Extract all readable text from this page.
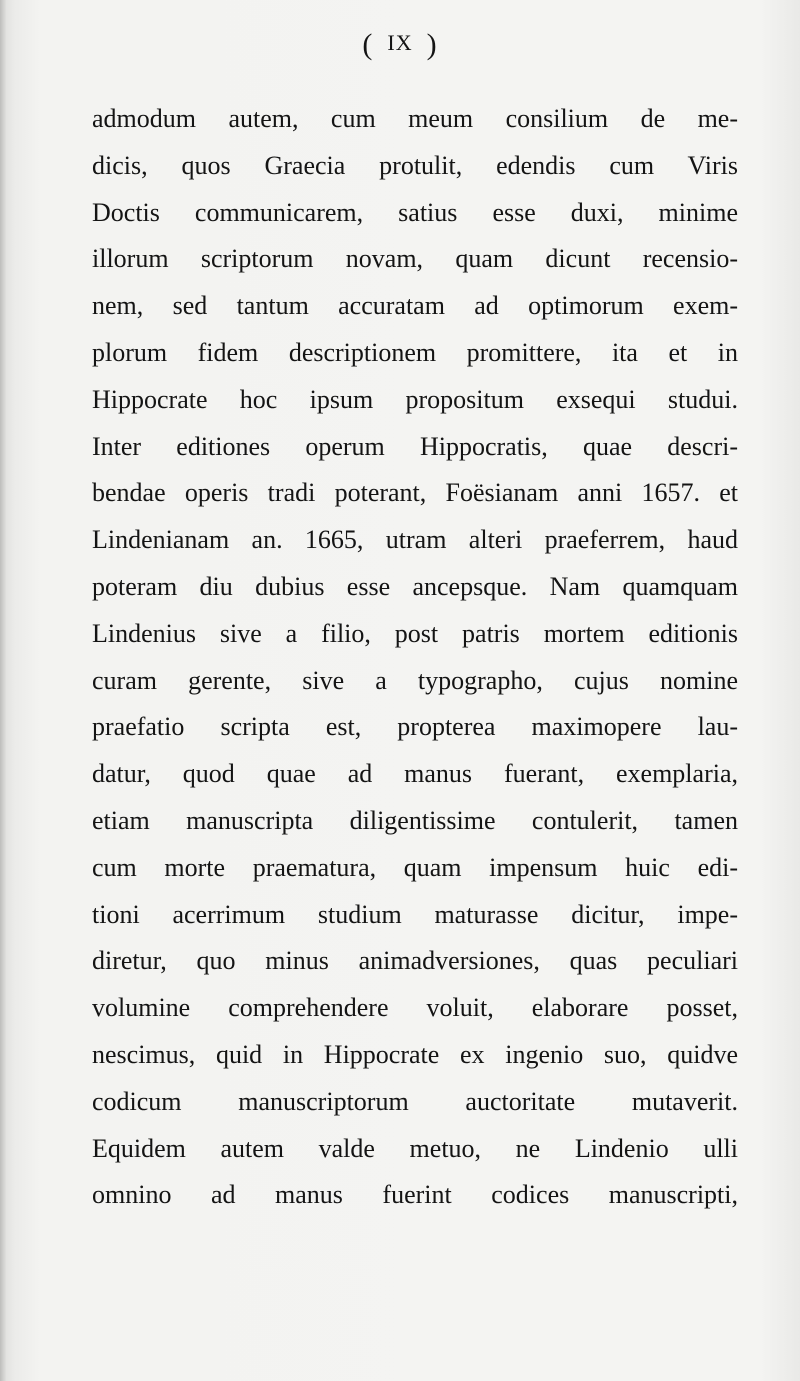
( IX )
admodum autem, cum meum consilium de me-
dicis, quos Graecia protulit, edendis cum Viris
Doctis communicarem, satius esse duxi, minime
illorum scriptorum novam, quam dicunt recensio-
nem, sed tantum accuratam ad optimorum exem-
plorum fidem descriptionem promittere, ita et in
Hippocrate hoc ipsum propositum exsequi studui.
Inter editiones operum Hippocratis, quae descri-
bendae operis tradi poterant, Foësianam anni 1657. et
Lindenianam an. 1665, utram alteri praeferrem, haud
poteram diu dubius esse ancepsque. Nam quamquam
Lindenius sive a filio, post patris mortem editionis
curam gerente, sive a typographo, cujus nomine
praefatio scripta est, propterea maximopere lau-
datur, quod quae ad manus fuerant, exemplaria,
etiam manuscripta diligentissime contulerit, tamen
cum morte praematura, quam impensum huic edi-
tioni acerrimum studium maturasse dicitur, impe-
diretur, quo minus animadversiones, quas peculiari
volumine comprehendere voluit, elaborare posset,
nescimus, quid in Hippocrate ex ingenio suo, quidve
codicum manuscriptorum auctoritate mutaverit.
Equidem autem valde metuo, ne Lindenio ulli
omnino ad manus fuerint codices manuscripti,
